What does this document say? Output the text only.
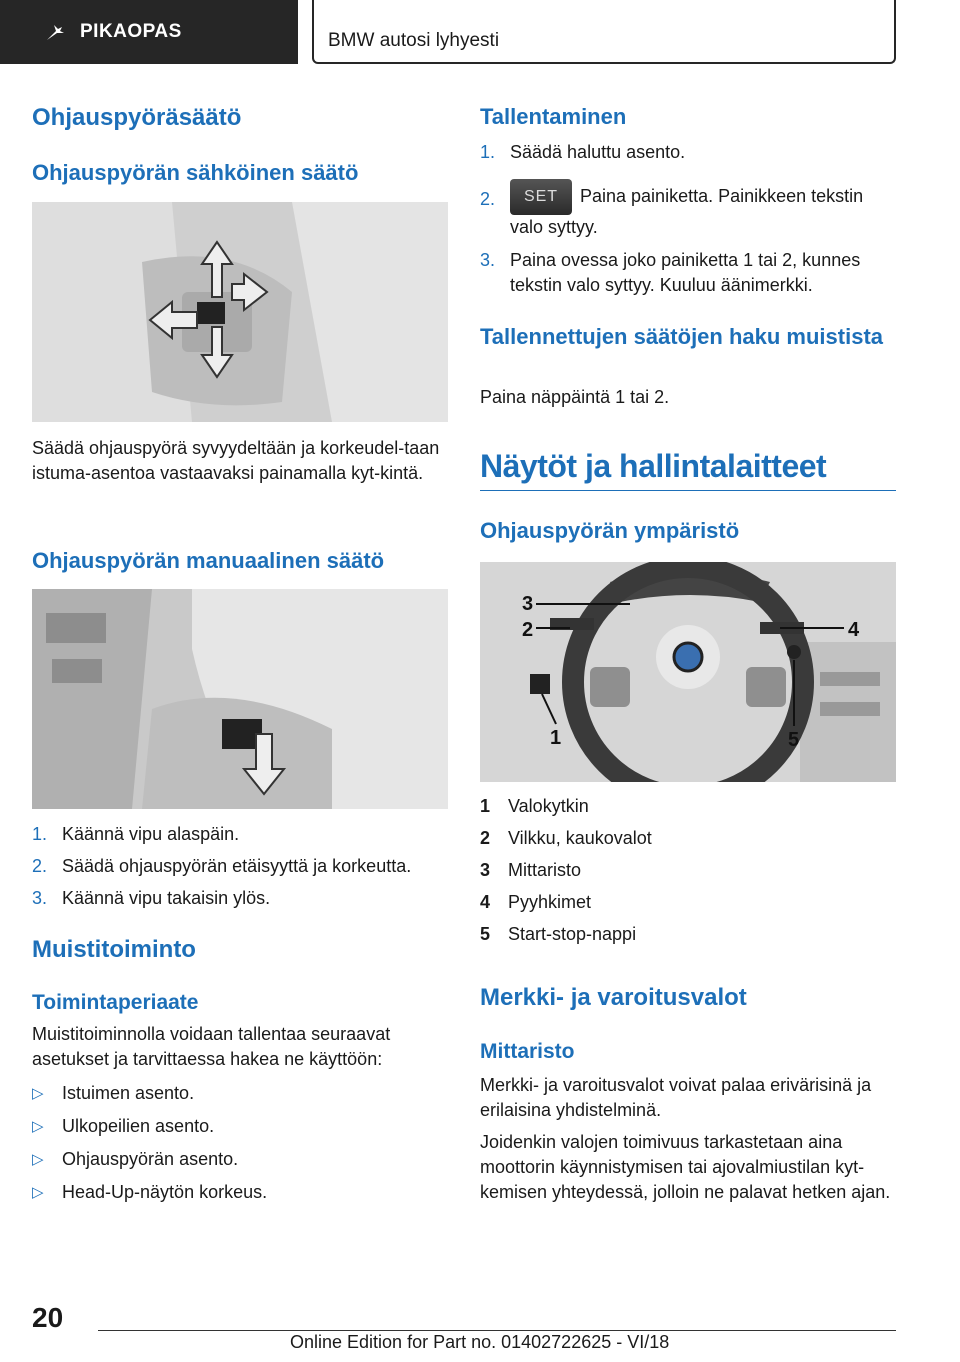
PIKAOPAS	BMW autosi lyhyesti
Ohjauspyöräsäätö
Ohjauspyörän sähköinen säätö
Säädä ohjauspyörä syvyydeltään ja korkeudel-taan istuma-asentoa vastaavaksi painamalla kyt-kintä.
Ohjauspyörän manuaalinen säätö
1. Käännä vipu alaspäin.
2. Säädä ohjauspyörän etäisyyttä ja korkeutta.
3. Käännä vipu takaisin ylös.
Muistitoiminto
Toimintaperiaate
Muistitoiminnolla voidaan tallentaa seuraavat asetukset ja tarvittaessa hakea ne käyttöön:
▷ Istuimen asento.
▷ Ulkopeilien asento.
▷ Ohjauspyörän asento.
▷ Head-Up-näytön korkeus.
Tallentaminen
1. Säädä haluttu asento.
2. SET Paina painiketta. Painikkeen tekstin valo syttyy.
3. Paina ovessa joko painiketta 1 tai 2, kunnes tekstin valo syttyy. Kuuluu äänimerkki.
Tallennettujen säätöjen haku muistista
Paina näppäintä 1 tai 2.
Näytöt ja hallintalaitteet
Ohjauspyörän ympäristö
3
2	4
1	5
1 Valokytkin
2 Vilkku, kaukovalot
3 Mittaristo
4 Pyyhkimet
5 Start-stop-nappi
Merkki- ja varoitusvalot
Mittaristo
Merkki- ja varoitusvalot voivat palaa erivärisinä ja erilaisina yhdistelminä.
Joidenkin valojen toimivuus tarkastetaan aina moottorin käynnistymisen tai ajovalmiustilan kyt-kemisen yhteydessä, jolloin ne palavat hetken ajan.
20
Online Edition for Part no. 01402722625 - VI/18
